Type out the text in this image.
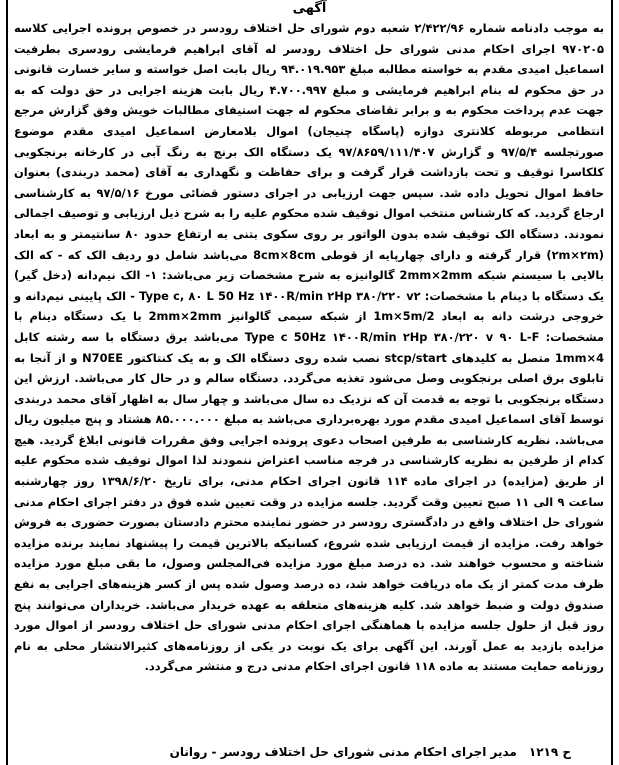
آگهی

به موجب دادنامه شماره ۲/۴۲۲/۹۶ شعبه دوم شورای حل اختلاف رودسر در خصوص پرونده اجرایی کلاسه ۹۷۰۲۰۵ اجرای احکام مدنی شورای حل اختلاف رودسر له آقای ابراهیم فرمایشی رودسری بطرفیت اسماعیل امیدی مقدم به خواسته مطالبه مبلغ ۹۴.۰۱۹.۹۵۳ ریال بابت اصل خواسته و سایر خسارت قانونی در حق محکوم له بنام ابراهیم فرمایشی و مبلغ ۴.۷۰۰.۹۹۷ ریال بابت هزینه اجرایی در حق دولت که به جهت عدم پرداخت محکوم به و برابر تقاضای محکوم له جهت استیفای مطالبات خویش وفق گزارش مرجع انتظامی مربوطه کلانتری دوازه (پاسگاه چنیجان) اموال بلامعارض اسماعیل امیدی مقدم موضوع صورتجلسه ۹۷/۵/۴ و گزارش ۹۷/۸۶۵۹/۱۱۱/۴۰۷ یک دستگاه الک برنج به رنگ آبی در کارخانه برنجکوبی کلکاسرا توقیف و تحت بازداشت قرار گرفت و برای حفاظت و نگهداری به آقای (محمد دربندی) بعنوان حافظ اموال تحویل داده شد. سپس جهت ارزیابی در اجرای دستور قضائی مورخ ۹۷/۵/۱۶ به کارشناسی ارجاع گردید. که کارشناس منتخب اموال توقیف شده محکوم علیه را به شرح ذیل ارزیابی و توصیف اجمالی نمودند. دستگاه الک توقیف شده بدون الواتور بر روی سکوی بتنی به ارتفاع حدود ۸۰ سانتیمتر و به ابعاد (۲m×۲m) قرار گرفته و دارای چهارپایه از قوطی 8cm×8cm می‌باشد شامل دو ردیف الک که - که الک بالایی با سیستم شبکه 2mm×2mm گالوانیزه به شرح مشخصات زیر می‌باشد: ۱- الک نیم‌دانه (دخل گیر) یک دستگاه با دینام با مشخصات: Type c, ۸۰ L 50 Hz ۱۴۰۰R/min ۲Hp ۳۸۰/۲۲۰ v۲ - الک پایینی نیم‌دانه و خروجی درشت دانه به ابعاد 1m×5m/2 از شبکه سیمی گالوانیز 2mm×2mm با یک دستگاه دینام با مشخصات: Type c 50Hz ۱۴۰۰R/min ۲Hp ۳۸۰/۲۲۰ v ۹۰ L-F می‌باشد برق دستگاه با سه رشته کابل 1mm×4 متصل به کلیدهای stcp/start نصب شده روی دستگاه الک و به یک کنتاکتور N70EE و از آنجا به تابلوی برق اصلی برنجکوبی وصل می‌شود تغذیه می‌گردد. دستگاه سالم و در حال کار می‌باشد. ارزش این دستگاه برنجکوبی با توجه به قدمت آن که نزدیک ده سال می‌باشد و چهار سال به اظهار آقای محمد دربندی توسط آقای اسماعیل امیدی مقدم مورد بهره‌برداری می‌باشد به مبلغ ۸۵.۰۰۰.۰۰۰ هشتاد و پنج میلیون ریال می‌باشد. نظریه کارشناسی به طرفین اصحاب دعوی پرونده اجرایی وفق مقررات قانونی ابلاغ گردید. هیچ کدام از طرفین به نظریه کارشناسی در فرجه مناسب اعتراض ننمودند لذا اموال توقیف شده محکوم علیه از طریق (مزایده) در اجرای ماده ۱۱۴ قانون اجرای احکام مدنی، برای تاریخ ۱۳۹۸/۶/۲۰ روز چهارشنبه ساعت ۹ الی ۱۱ صبح تعیین وقت گردید. جلسه مزایده در وقت تعیین شده فوق در دفتر اجرای احکام مدنی شورای حل اختلاف واقع در دادگستری رودسر در حضور نماینده محترم دادستان بصورت حضوری به فروش خواهد رفت. مزایده از قیمت ارزیابی شده شروع، کسانیکه بالاترین قیمت را پیشنهاد نمایند برنده مزایده شناخته و محسوب خواهند شد. ده درصد مبلغ مورد مزایده فی‌المجلس وصول، ما بقی مبلغ مورد مزایده ظرف مدت کمتر از یک ماه دریافت خواهد شد، ده درصد وصول شده پس از کسر هزینه‌های اجرایی به نفع صندوق دولت و ضبط خواهد شد. کلیه هزینه‌های متعلقه به عهده خریدار می‌باشد. خریداران می‌توانند پنج روز قبل از حلول جلسه مزایده با هماهنگی اجرای احکام مدنی شورای حل اختلاف رودسر از اموال مورد مزایده بازدید به عمل آورند. این آگهی برای یک نوبت در یکی از روزنامه‌های کثیرالانتشار محلی به نام روزنامه حمایت مستند به ماده ۱۱۸ قانون اجرای احکام مدنی درج و منتشر می‌گردد.

ح ۱۲۱۹
مدیر اجرای احکام مدنی شورای حل اختلاف رودسر - روانان
